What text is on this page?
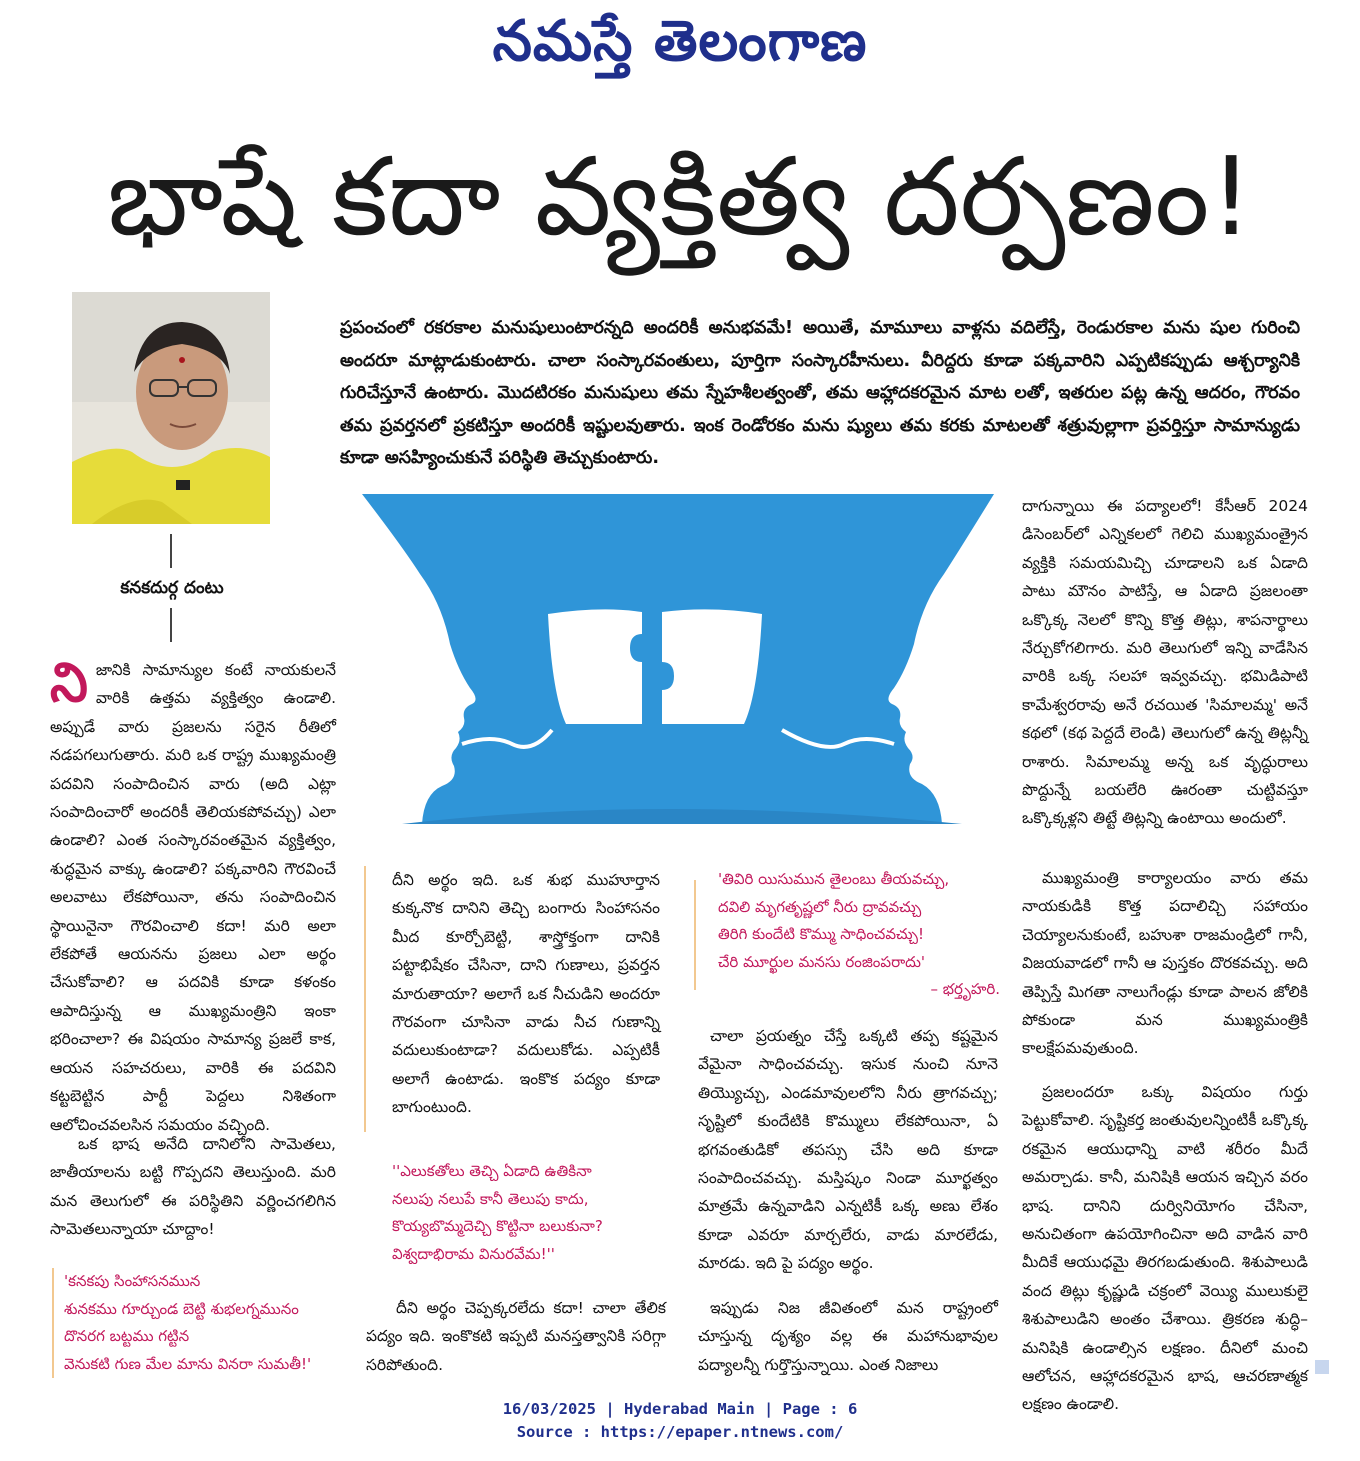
నమస్తే తెలంగాణ
భాషే కదా వ్యక్తిత్వ దర్పణం!
కనకదుర్గ దంటు
ప్రపంచంలో రకరకాల మనుషులుంటారన్నది అందరికీ అనుభవమే! అయితే, మామూలు వాళ్లను వదిలేస్తే, రెండురకాల మను షుల గురించి అందరూ మాట్లాడుకుంటారు. చాలా సంస్కారవంతులు, పూర్తిగా సంస్కారహీనులు. వీరిద్దరు కూడా పక్కవారిని ఎప్పటికప్పుడు ఆశ్చర్యానికి గురిచేస్తూనే ఉంటారు. మొదటిరకం మనుషులు తమ స్నేహశీలత్వంతో, తమ ఆహ్లాదకరమైన మాట లతో, ఇతరుల పట్ల ఉన్న ఆదరం, గౌరవం తమ ప్రవర్తనలో ప్రకటిస్తూ అందరికీ ఇష్టులవుతారు. ఇంక రెండోరకం మను ష్యులు తమ కరకు మాటలతో శత్రువుల్లాగా ప్రవర్తిస్తూ సామాన్యుడు కూడా అసహ్యించుకునే పరిస్థితి తెచ్చుకుంటారు.

ని జానికి సామాన్యుల కంటే నాయకులనే వారికి ఉత్తమ వ్యక్తిత్వం ఉండాలి. అప్పుడే వారు ప్రజలను సరైన రీతిలో నడపగలుగుతారు. మరి ఒక రాష్ట్ర ముఖ్యమంత్రి పదవిని సంపాదించిన వారు (అది ఎట్లా సంపాదించారో అందరికీ తెలియకపోవచ్చు) ఎలా ఉండాలి? ఎంత సంస్కారవంతమైన వ్యక్తిత్వం, శుద్ధమైన వాక్కు ఉండాలి? పక్కవారిని గౌరవించే అలవాటు లేకపోయినా, తను సంపాదించిన స్థాయినైనా గౌరవించాలి కదా! మరి అలా లేకపోతే ఆయనను ప్రజలు ఎలా అర్థం చేసుకోవాలి? ఆ పదవికి కూడా కళంకం ఆపాదిస్తున్న ఆ ముఖ్యమంత్రిని ఇంకా భరించాలా? ఈ విషయం సామాన్య ప్రజలే కాక, ఆయన సహచరులు, వారికి ఈ పదవిని కట్టబెట్టిన పార్టీ పెద్దలు నిశితంగా ఆలోచించవలసిన సమయం వచ్చింది.

ఒక భాష అనేది దానిలోని సామెతలు, జాతీయాలను బట్టి గొప్పదని తెలుస్తుంది. మరి మన తెలుగులో ఈ పరిస్థితిని వర్ణించగలిగిన సామెతలున్నాయా చూద్దాం!
'కనకపు సింహాసనమున
శునకము గూర్చుండ బెట్టి శుభలగ్నమునం
దొనరగ బట్టము గట్టిన
వెనుకటి గుణ మేల మాను వినరా సుమతీ!'
దీని అర్థం ఇది. ఒక శుభ ముహూర్తాన కుక్కనొక దానిని తెచ్చి బంగారు సింహాసనం మీద కూర్చోబెట్టి, శాస్త్రోక్తంగా దానికి పట్టాభిషేకం చేసినా, దాని గుణాలు, ప్రవర్తన మారుతాయా? అలాగే ఒక నీచుడిని అందరూ గౌరవంగా చూసినా వాడు నీచ గుణాన్ని వదులుకుంటాడా? వదులుకోడు. ఎప్పటికీ అలాగే ఉంటాడు. ఇంకొక పద్యం కూడా బాగుంటుంది.
''ఎలుకతోలు తెచ్చి ఏడాది ఉతికినా
నలుపు నలుపే కానీ తెలుపు కాదు,
కొయ్యబొమ్మదెచ్చి కొట్టినా బలుకునా?
విశ్వదాభిరామ వినురవేమ!''
దీని అర్థం చెప్పక్కరలేదు కదా! చాలా తేలిక పద్యం ఇది. ఇంకొకటి ఇప్పటి మనస్తత్వానికి సరిగ్గా సరిపోతుంది.
'తివిరి యిసుమున తైలంబు తీయవచ్చు,
దవిలి మృగతృష్ణలో నీరు ద్రావవచ్చు
తిరిగి కుందేటి కొమ్ము సాధించవచ్చు!
చేరి మూర్ఖుల మనసు రంజింపరాదు'
– భర్తృహరి.
చాలా ప్రయత్నం చేస్తే ఒక్కటి తప్ప కష్టమైన వేమైనా సాధించవచ్చు. ఇసుక నుంచి నూనె తియ్యొచ్చు, ఎండమావులలోని నీరు త్రాగవచ్చు; సృష్టిలో కుందేటికి కొమ్ములు లేకపోయినా, ఏ భగవంతుడికో తపస్సు చేసి అది కూడా సంపాదించవచ్చు. మస్తిష్కం నిండా మూర్ఖత్వం మాత్రమే ఉన్నవాడిని ఎన్నటికీ ఒక్క అణు లేశం కూడా ఎవరూ మార్చలేరు, వాడు మారలేడు, మారడు. ఇది పై పద్యం అర్థం.
ఇప్పుడు నిజ జీవితంలో మన రాష్ట్రంలో చూస్తున్న దృశ్యం వల్ల ఈ మహానుభావుల పద్యాలన్నీ గుర్తొస్తున్నాయి. ఎంత నిజాలు
దాగున్నాయి ఈ పద్యాలలో! కేసీఆర్ 2024 డిసెంబర్‌లో ఎన్నికలలో గెలిచి ముఖ్యమంత్రైన వ్యక్తికి సమయమిచ్చి చూడాలని ఒక ఏడాది పాటు మౌనం పాటిస్తే, ఆ ఏడాది ప్రజలంతా ఒక్కొక్క నెలలో కొన్ని కొత్త తిట్లు, శాపనార్థాలు నేర్చుకోగలిగారు. మరి తెలుగులో ఇన్ని వాడేసిన వారికి ఒక్క సలహా ఇవ్వవచ్చు. భమిడిపాటి కామేశ్వరరావు అనే రచయిత 'సిమాలమ్మ' అనే కథలో (కథ పెద్దదే లెండి) తెలుగులో ఉన్న తిట్లన్నీ రాశారు. సిమాలమ్మ అన్న ఒక వృద్ధురాలు పొద్దున్నే బయలేరి ఊరంతా చుట్టివస్తూ ఒక్కొక్కళ్లని తిట్టే తిట్లన్ని ఉంటాయి అందులో.
ముఖ్యమంత్రి కార్యాలయం వారు తమ నాయకుడికి కొత్త పదాలిచ్చి సహాయం చెయ్యాలనుకుంటే, బహుశా రాజమండ్రిలో గానీ, విజయవాడలో గానీ ఆ పుస్తకం దొరకవచ్చు. అది తెప్పిస్తే మిగతా నాలుగేండ్లు కూడా పాలన జోలికి పోకుండా మన ముఖ్యమంత్రికి కాలక్షేపమవుతుంది.
ప్రజలందరూ ఒక్కు విషయం గుర్తు పెట్టుకోవాలి. సృష్టికర్త జంతువులన్నింటికీ ఒక్కొక్క రకమైన ఆయుధాన్ని వాటి శరీరం మీదే అమర్చాడు. కానీ, మనిషికి ఆయన ఇచ్చిన వరం భాష. దానిని దుర్వినియోగం చేసినా, అనుచితంగా ఉపయోగించినా అది వాడిన వారి మీదికే ఆయుధమై తిరగబడుతుంది. శిశుపాలుడి వంద తిట్లు కృష్ణుడి చక్రంలో వెయ్యి ములుకులై శిశుపాలుడిని అంతం చేశాయి. త్రికరణ శుద్ధి–మనిషికి ఉండాల్సిన లక్షణం. దీనిలో మంచి ఆలోచన, ఆహ్లాదకరమైన భాష, ఆచరణాత్మక లక్షణం ఉండాలి.
16/03/2025 | Hyderabad Main | Page : 6
Source : https://epaper.ntnews.com/
